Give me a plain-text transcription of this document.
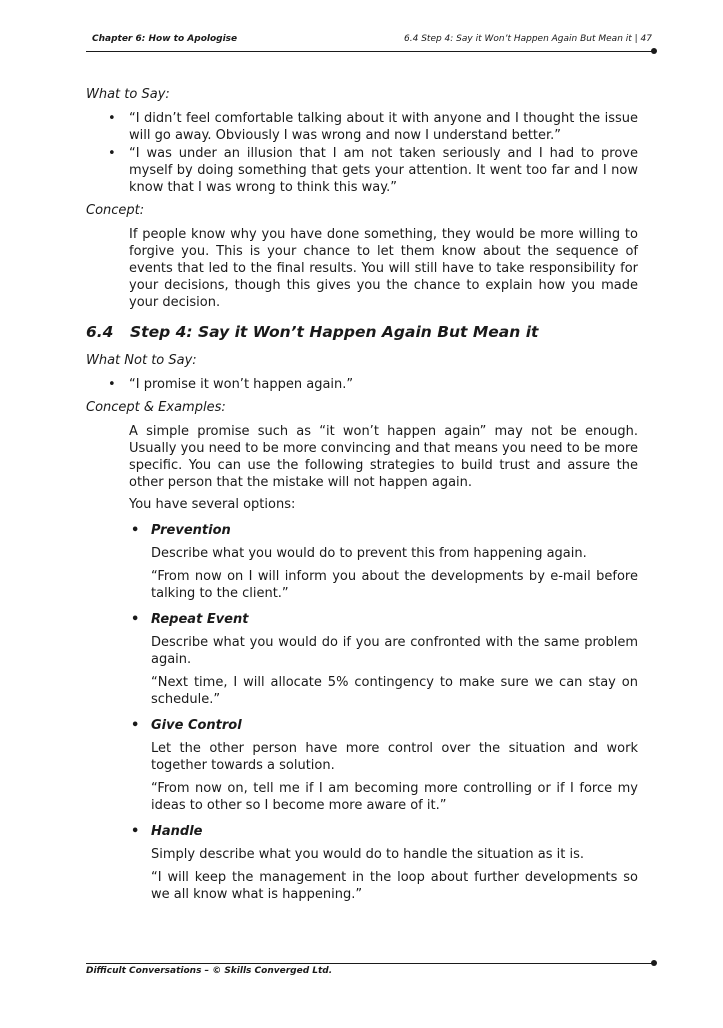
Chapter 6: How to Apologise	6.4 Step 4: Say it Won’t Happen Again But Mean it | 47
What to Say:
• “I didn’t feel comfortable talking about it with anyone and I thought the issue will go away. Obviously I was wrong and now I understand better.”
• “I was under an illusion that I am not taken seriously and I had to prove myself by doing something that gets your attention. It went too far and I now know that I was wrong to think this way.”
Concept:

If people know why you have done something, they would be more willing to forgive you. This is your chance to let them know about the sequence of events that led to the final results. You will still have to take responsibility for your decisions, though this gives you the chance to explain how you made your decision.

6.4 Step 4: Say it Won’t Happen Again But Mean it
What Not to Say:
• “I promise it won’t happen again.”
Concept & Examples:

A simple promise such as “it won’t happen again” may not be enough. Usually you need to be more convincing and that means you need to be more specific. You can use the following strategies to build trust and assure the other person that the mistake will not happen again.

You have several options:

• Prevention

Describe what you would do to prevent this from happening again.

“From now on I will inform you about the developments by e-mail before talking to the client.”

• Repeat Event

Describe what you would do if you are confronted with the same problem again.

“Next time, I will allocate 5% contingency to make sure we can stay on schedule.”

• Give Control

Let the other person have more control over the situation and work together towards a solution.

“From now on, tell me if I am becoming more controlling or if I force my ideas to other so I become more aware of it.”

• Handle

Simply describe what you would do to handle the situation as it is.

“I will keep the management in the loop about further developments so we all know what is happening.”

Difficult Conversations – © Skills Converged Ltd.
